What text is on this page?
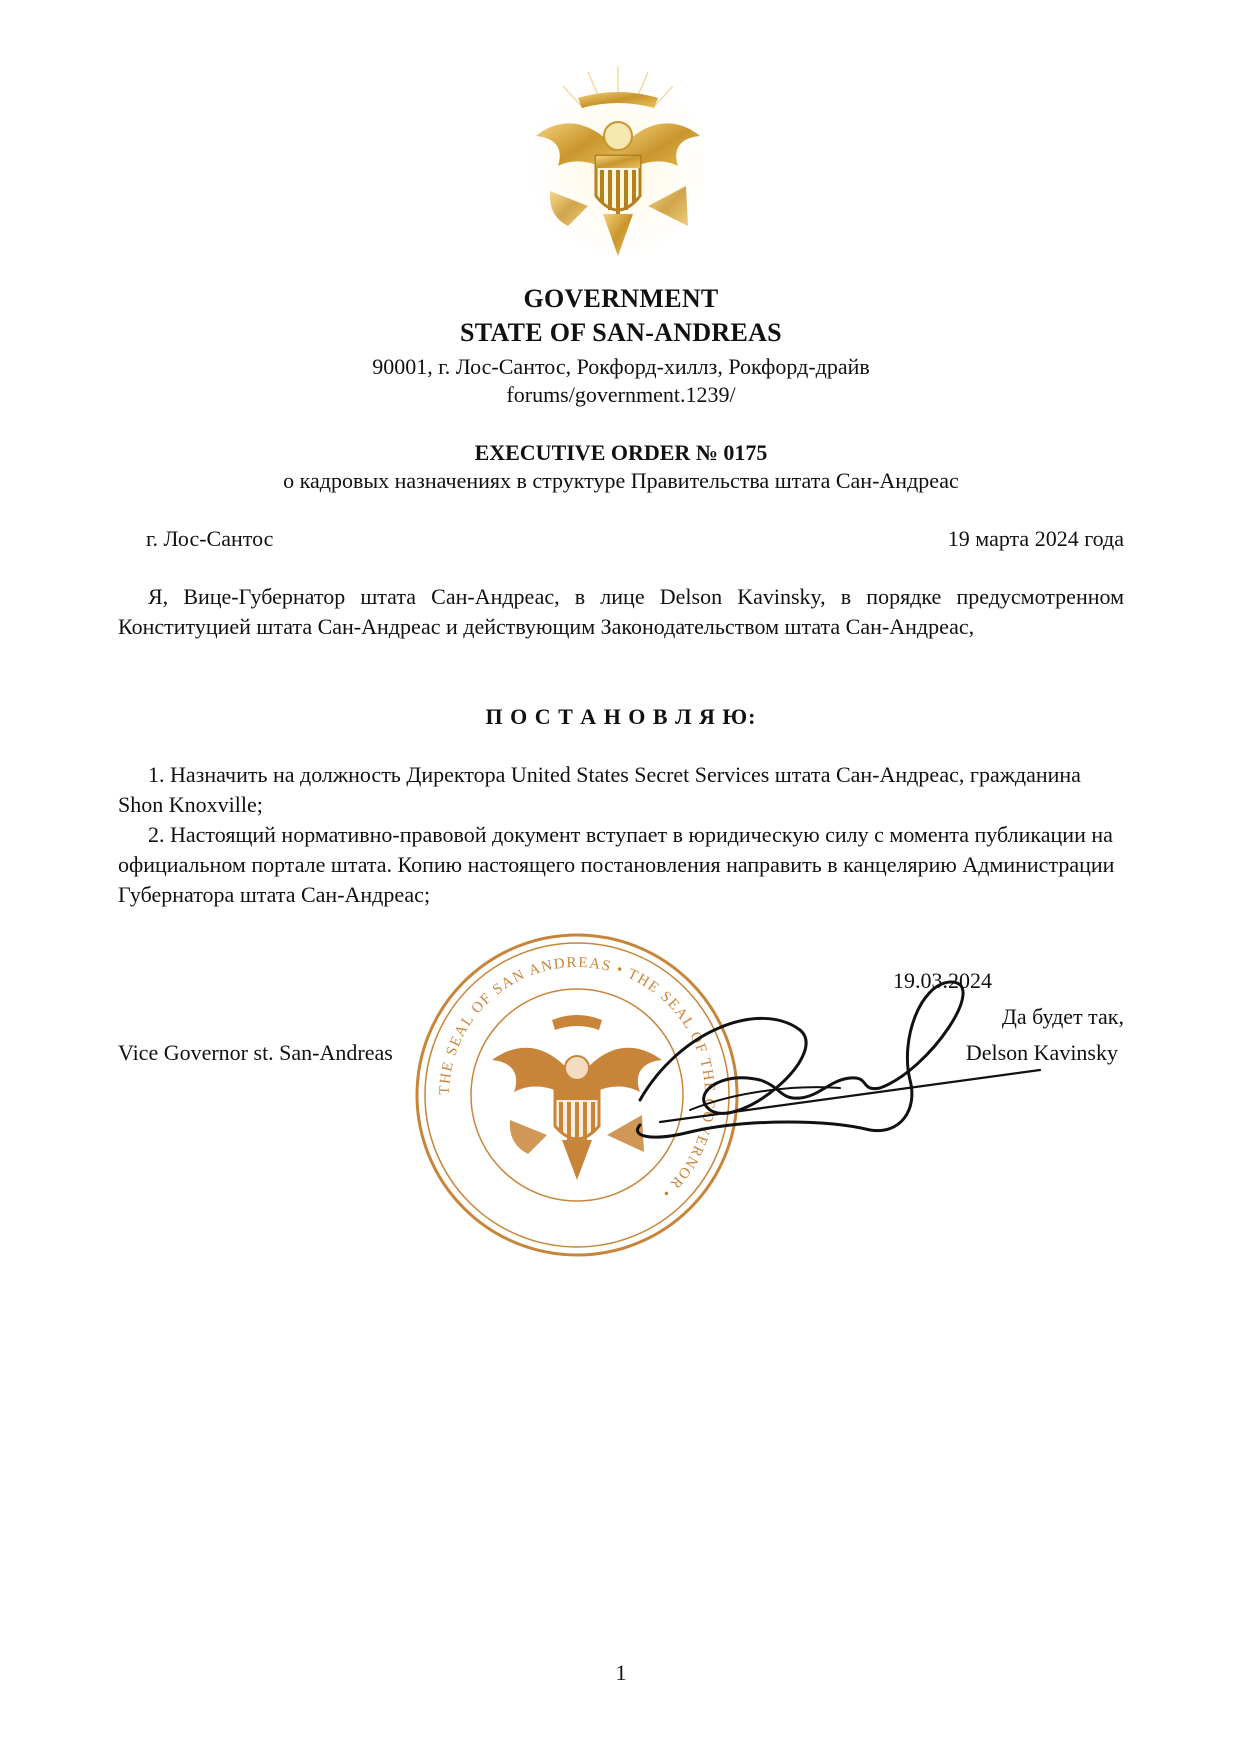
GOVERNMENT
STATE OF SAN-ANDREAS
90001, г. Лос-Сантос, Рокфорд-хиллз, Рокфорд-драйв
forums/government.1239/
EXECUTIVE ORDER № 0175
о кадровых назначениях в структуре Правительства штата Сан-Андреас
г. Лос-Сантос	19 марта 2024 года
Я, Вице-Губернатор штата Сан-Андреас, в лице Delson Kavinsky, в порядке предусмотренном Конституцией штата Сан-Андреас и действующим Законодательством штата Сан-Андреас,
П О С Т А Н О В Л Я Ю:
1. Назначить на должность Директора United States Secret Services штата Сан-Андреас, гражданина Shon Knoxville;
2. Настоящий нормативно-правовой документ вступает в юридическую силу с момента публикации на официальном портале штата. Копию настоящего постановления направить в канцелярию Администрации Губернатора штата Сан-Андреас;
THE SEAL OF SAN ANDREAS • THE SEAL OF THE GOVERNOR •
19.03.2024
Да будет так,
Vice Governor st. San-Andreas	Delson Kavinsky
1
